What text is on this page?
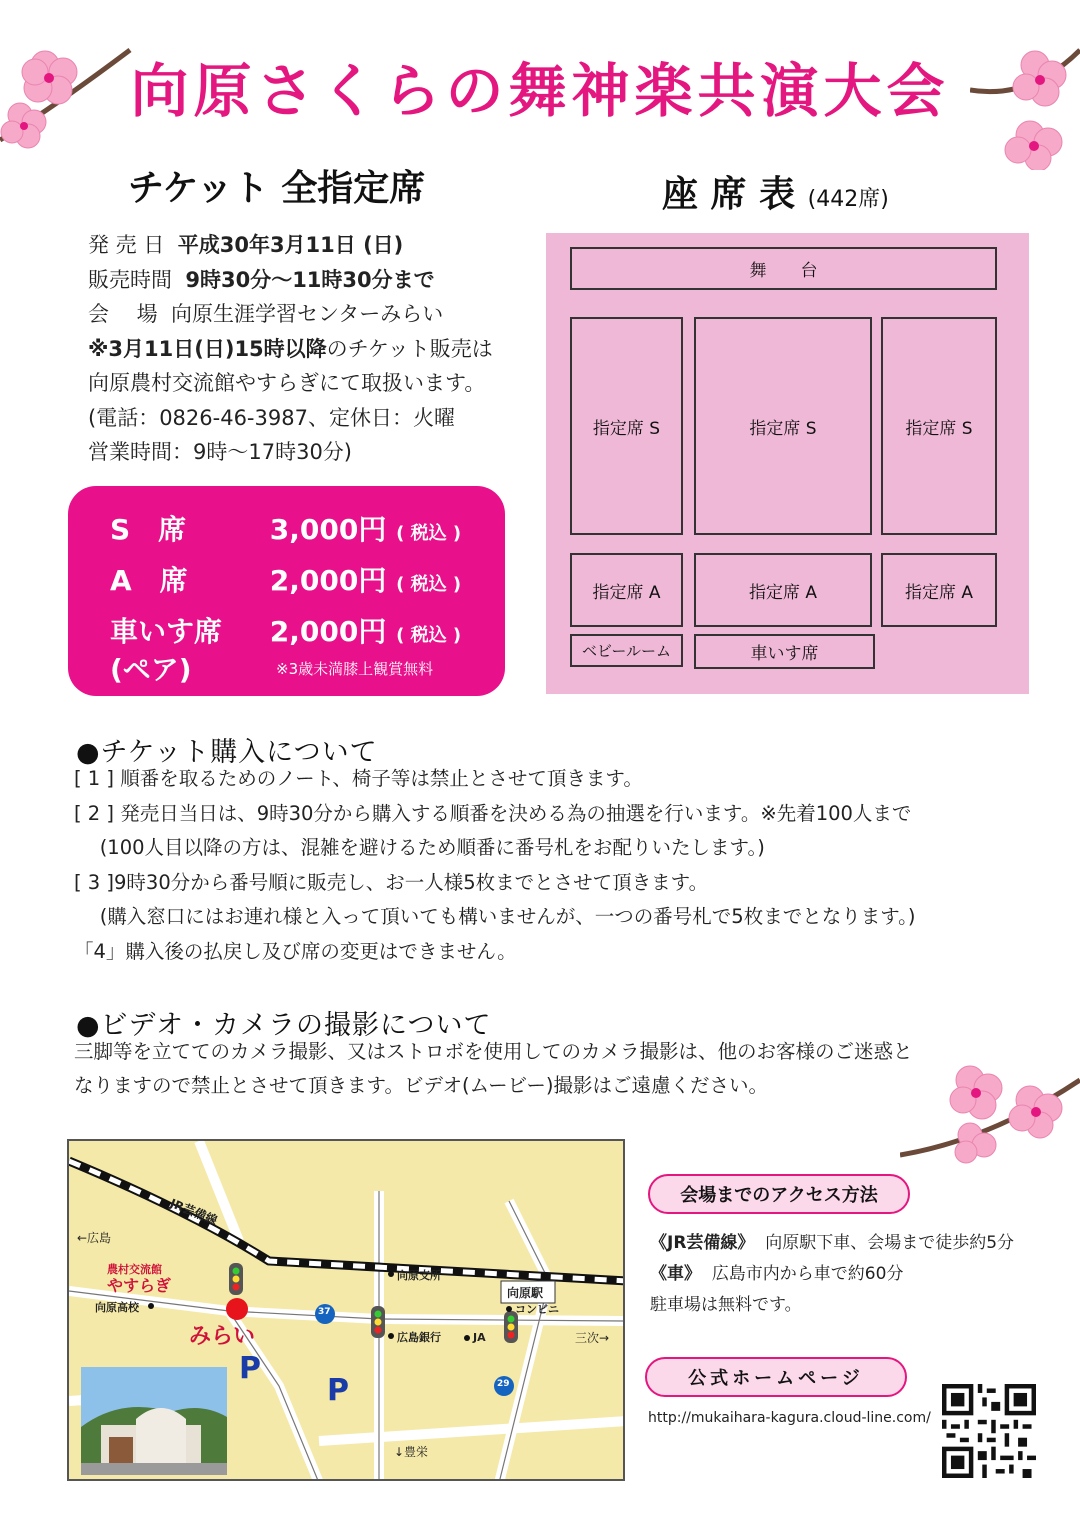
向原さくらの舞神楽共演大会
チケット 全指定席	座 席 表 (442席)
発 売 日 平成30年3月11日 (日)
販売時間 9時30分～11時30分まで
会　 場 向原生涯学習センターみらい
※3月11日(日)15時以降のチケット販売は
向原農村交流館やすらぎにて取扱います。
(電話：0826-46-3987、定休日：火曜
営業時間：9時～17時30分)
S　席	3,000円 ( 税込 )
A　席	2,000円 ( 税込 )
車いす席 2,000円 ( 税込 )
(ペア)	※3歳未満膝上観賞無料
舞　　台
指定席 S	指定席 S	指定席 S
指定席 A	指定席 A	指定席 A
ベビールーム	車いす席
●チケット購入について
[ 1 ] 順番を取るためのノート、椅子等は禁止とさせて頂きます。
[ 2 ] 発売日当日は、9時30分から購入する順番を決める為の抽選を行います。※先着100人まで
　 (100人目以降の方は、混雑を避けるため順番に番号札をお配りいたします。)
[ 3 ]9時30分から番号順に販売し、お一人様5枚までとさせて頂きます。
　 (購入窓口にはお連れ様と入って頂いても構いませんが、一つの番号札で5枚までとなります。)
「4」購入後の払戻し及び席の変更はできません。
●ビデオ・カメラの撮影について
三脚等を立ててのカメラ撮影、又はストロボを使用してのカメラ撮影は、他のお客様のご迷惑と
なりますので禁止とさせて頂きます。ビデオ(ムービー)撮影はご遠慮ください。
←広島
JR芸備線
農村交流館
やすらぎ
向原高校
みらい
向原支所
向原駅
コンビニ
広島銀行	JA	三次→
↓豊栄
37
29
P
P
会場までのアクセス方法
《JR芸備線》 向原駅下車、会場まで徒歩約5分
《車》 広島市内から車で約60分
駐車場は無料です。
公式ホームページ
http://mukaihara-kagura.cloud-line.com/
